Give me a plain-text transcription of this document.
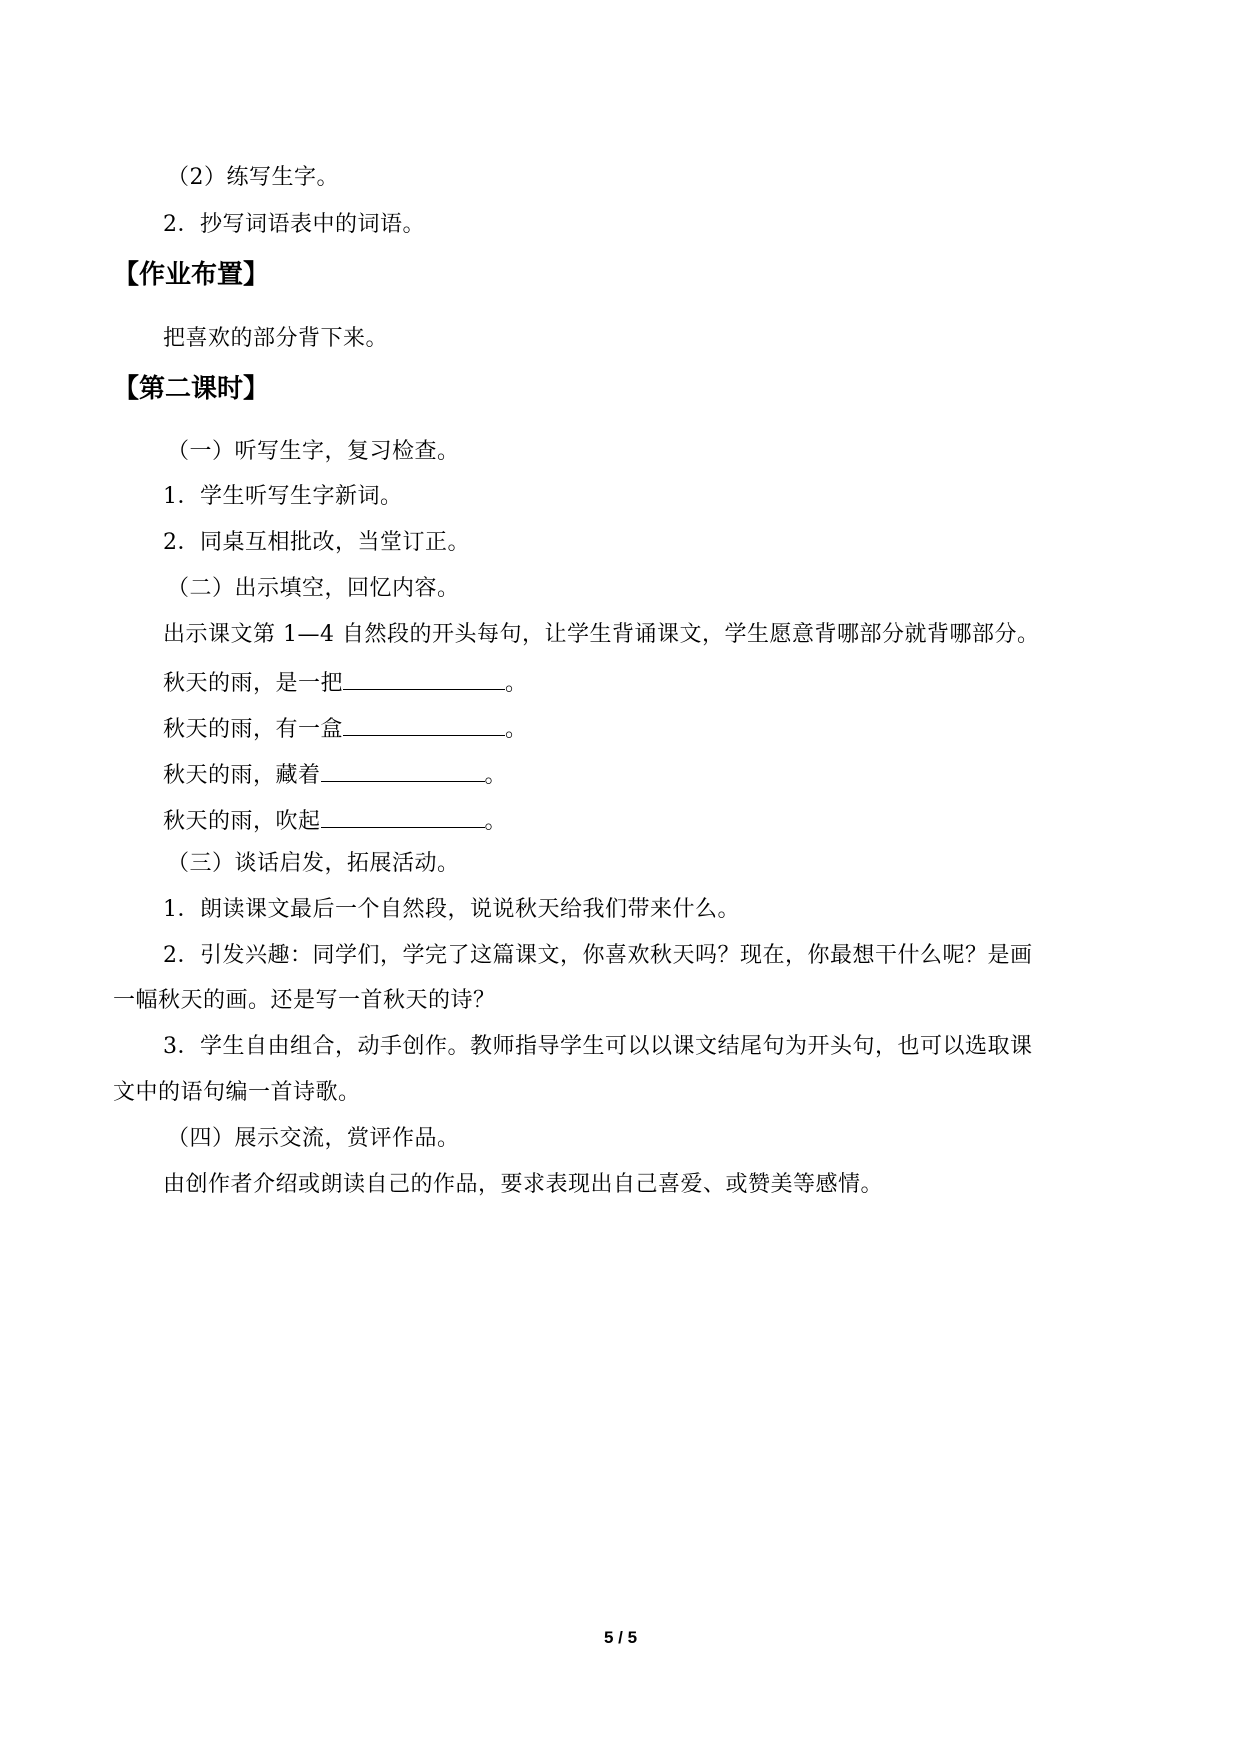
（2）练写生字。
2．抄写词语表中的词语。
【作业布置】
把喜欢的部分背下来。
【第二课时】
（一）听写生字，复习检查。
1．学生听写生字新词。
2．同桌互相批改，当堂订正。
（二）出示填空，回忆内容。
出示课文第 1—4 自然段的开头每句，让学生背诵课文，学生愿意背哪部分就背哪部分。
秋天的雨，是一把	。
秋天的雨，有一盒	。
秋天的雨，藏着	。
秋天的雨，吹起	。
（三）谈话启发，拓展活动。
1．朗读课文最后一个自然段，说说秋天给我们带来什么。
2．引发兴趣：同学们，学完了这篇课文，你喜欢秋天吗？现在，你最想干什么呢？是画
一幅秋天的画。还是写一首秋天的诗？
3．学生自由组合，动手创作。教师指导学生可以以课文结尾句为开头句，也可以选取课
文中的语句编一首诗歌。
（四）展示交流，赏评作品。
由创作者介绍或朗读自己的作品，要求表现出自己喜爱、或赞美等感情。
5 / 5
